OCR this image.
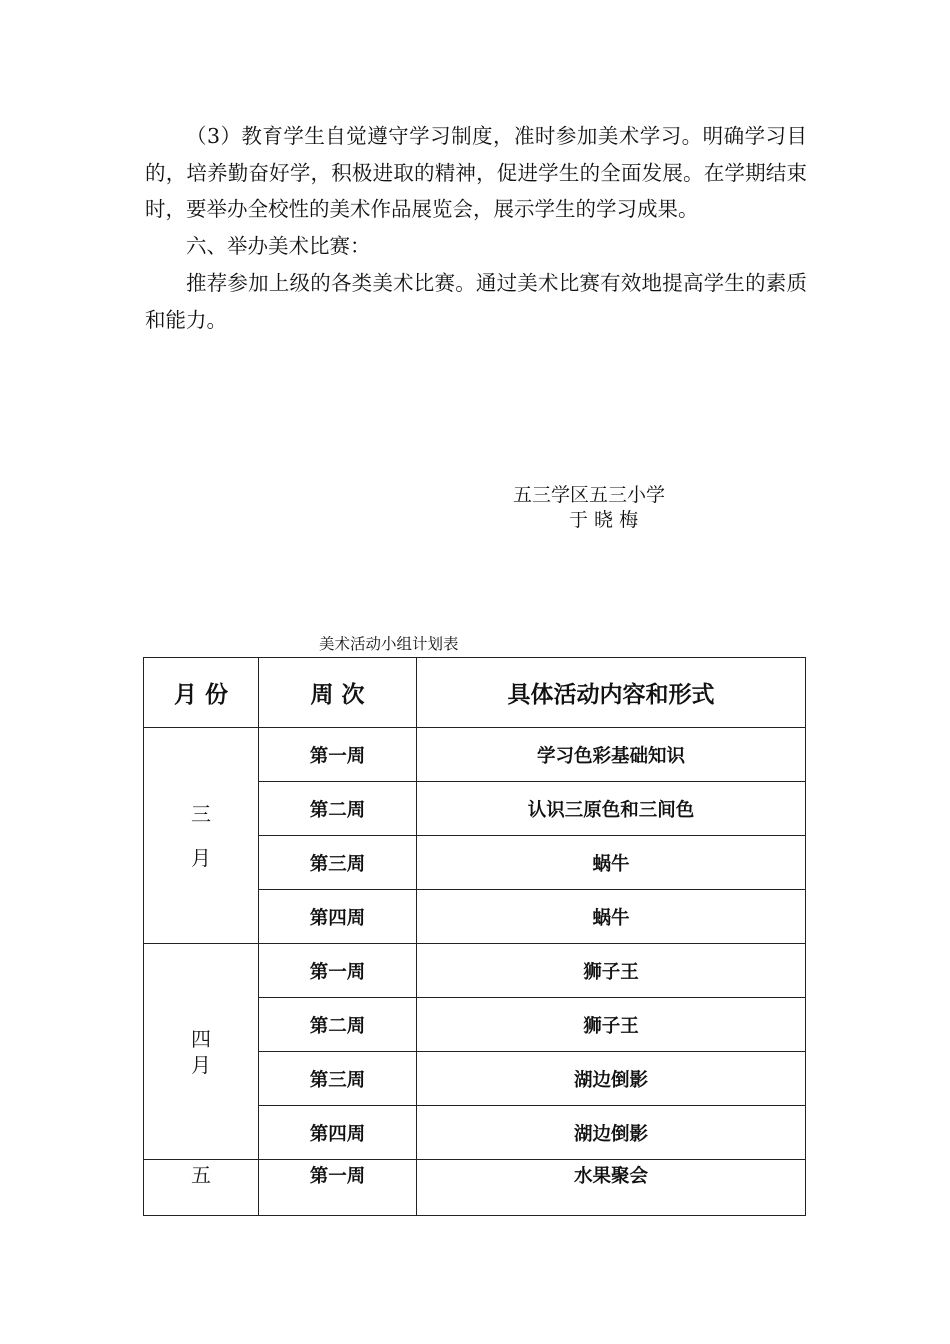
（3）教育学生自觉遵守学习制度，准时参加美术学习。明确学习目的，培养勤奋好学，积极进取的精神，促进学生的全面发展。在学期结束时，要举办全校性的美术作品展览会，展示学生的学习成果。

六、举办美术比赛：

推荐参加上级的各类美术比赛。通过美术比赛有效地提高学生的素质和能力。

五三学区五三小学
于 晓 梅
美术活动小组计划表
月 份	周 次	具体活动内容和形式

三
月	第一周	学习色彩基础知识
	第二周	认识三原色和三间色
	第三周	蜗牛
	第四周	蜗牛

四
月	第一周	狮子王
	第二周	狮子王
	第三周	湖边倒影
	第四周	湖边倒影

五	第一周	水果聚会
